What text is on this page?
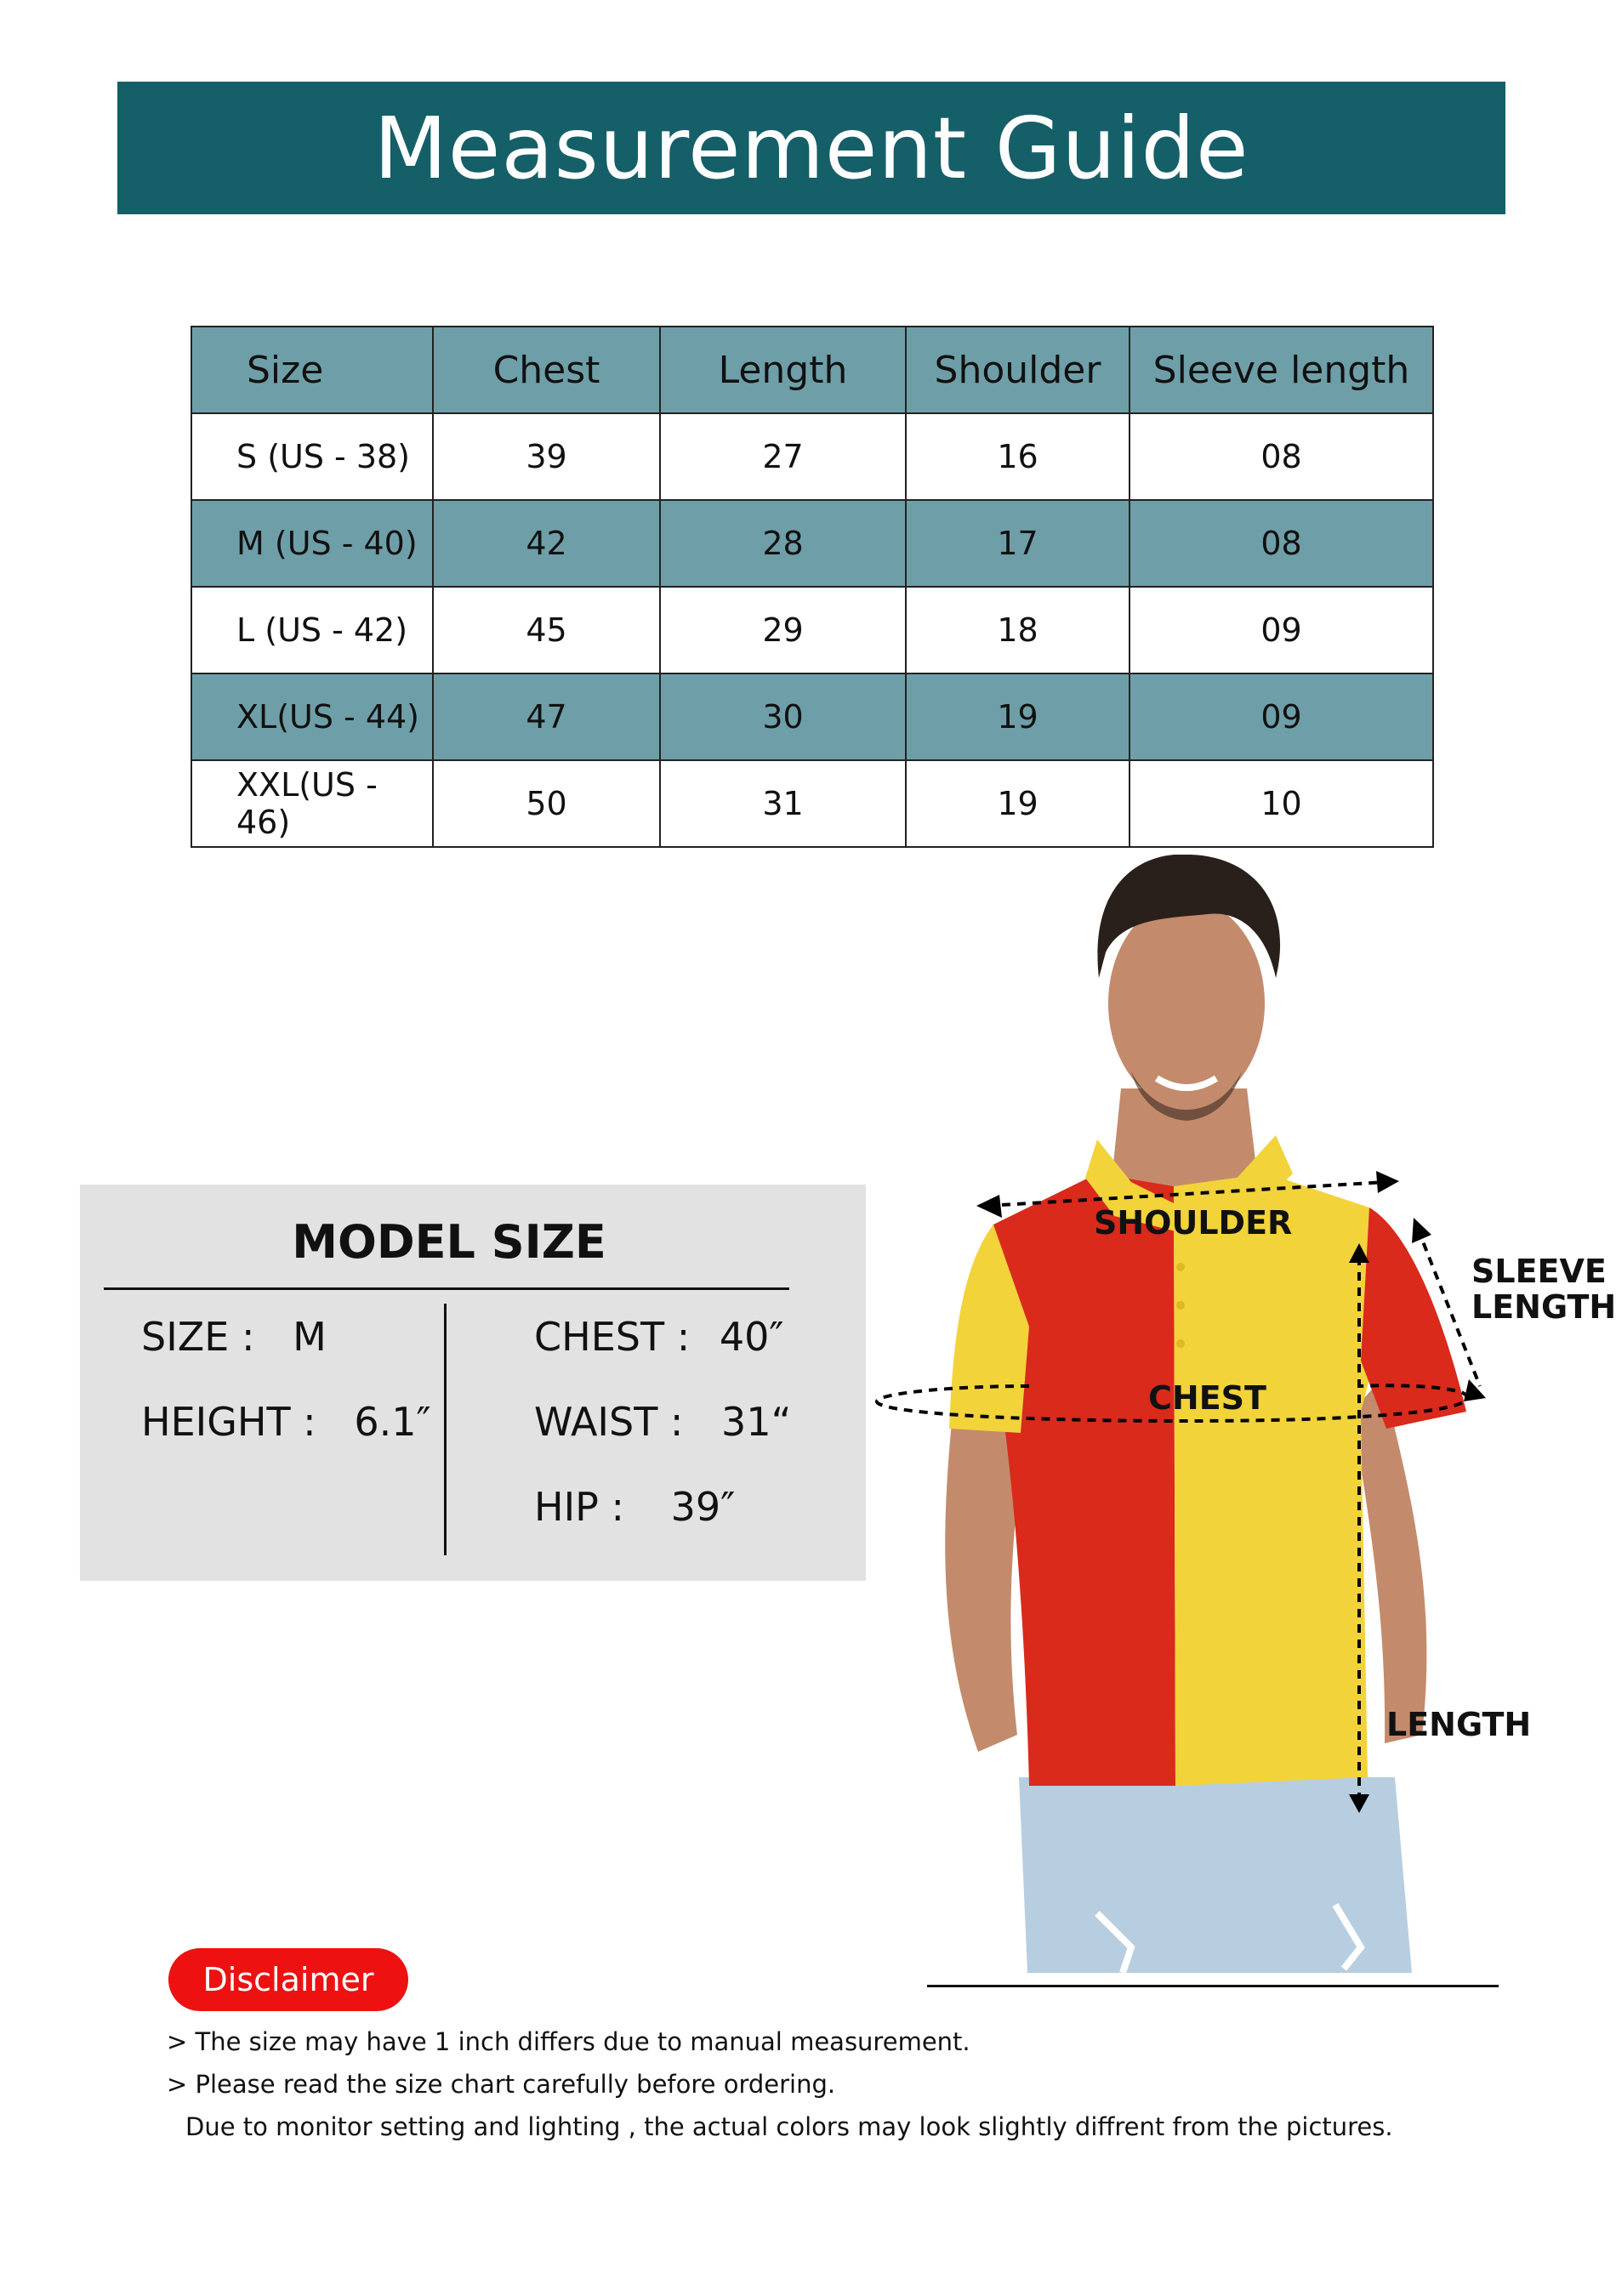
Measurement Guide
Size	Chest	Length	Shoulder	Sleeve length
S (US - 38)	39	27	16	08
M (US - 40)	42	28	17	08
L (US - 42)	45	29	18	09
XL(US - 44)	47	30	19	09
XXL(US - 46)	50	31	19	10
MODEL SIZE
SIZE : M
HEIGHT : 6.1″
CHEST : 40″
WAIST : 31“
HIP : 39″
SHOULDER
SLEEVE
LENGTH
CHEST
LENGTH
Disclaimer
> The size may have 1 inch differs due to manual measurement.
> Please read the size chart carefully before ordering.
Due to monitor setting and lighting , the actual colors may look slightly diffrent from the pictures.
